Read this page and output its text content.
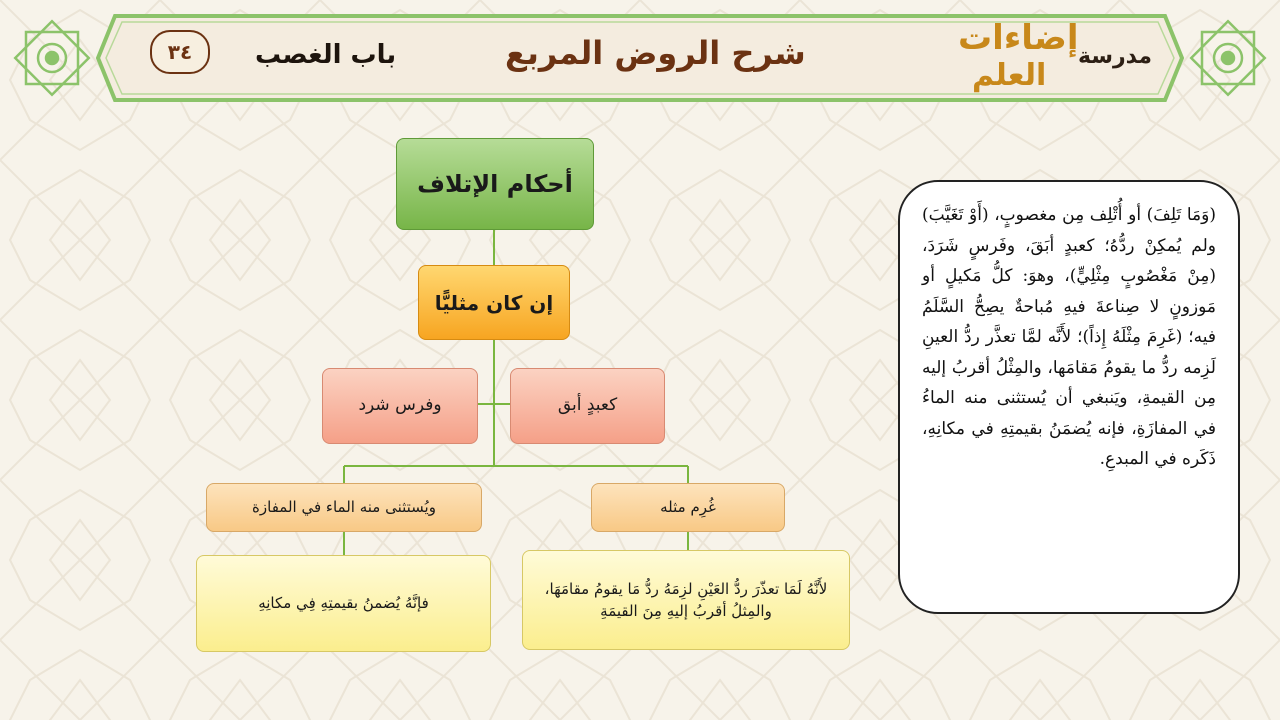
مدرسة
إضاءات
العلم
شرح الروض المربع
باب الغصب
٣٤
أحكام الإتلاف
إن كان مثليًّا
كعبدٍ أبق
وفرس شرد
غُرِم مثله
ويُستثنى منه الماء في المفازة
لأَنَّهُ لَمَا تعذّرَ ردُّ العَيْنِ لزِمَهُ ردُّ مَا يقومُ مقامَهَا، والمِثلُ أقربُ إليهِ مِنَ القيمَةِ
فإنَّهُ يُضمنُ بقيمتِهِ فِي مكانِهِ
(وَمَا تَلِفَ) أو أُتْلِف مِن مغصوبٍ، (أَوْ تَغَيَّبَ) ولم يُمكِنْ ردُّهُ؛ كعبدٍ أبَقَ، وفَرسٍ شَرَدَ، (مِنْ مَغْصُوبٍ مِثْلِيٍّ)، وهوَ: كلُّ مَكيلٍ أو مَوزونٍ لا صِناعةَ فيهِ مُباحةٌ يصِحُّ السَّلَمُ فيه؛ (غَرِمَ مِثْلَهُ إِذاً)؛ لأَنَّه لمَّا تعذَّر ردُّ العينِ لَزِمه ردُّ ما يقومُ مَقامَها، والمِثْلُ أقربُ إليه مِن القيمةِ، ويَنبغي أن يُستثنى منه الماءُ في المفازَةِ، فإنه يُضمَنُ بقيمتِهِ في مكانِهِ، ذَكَره في المبدعِ.
